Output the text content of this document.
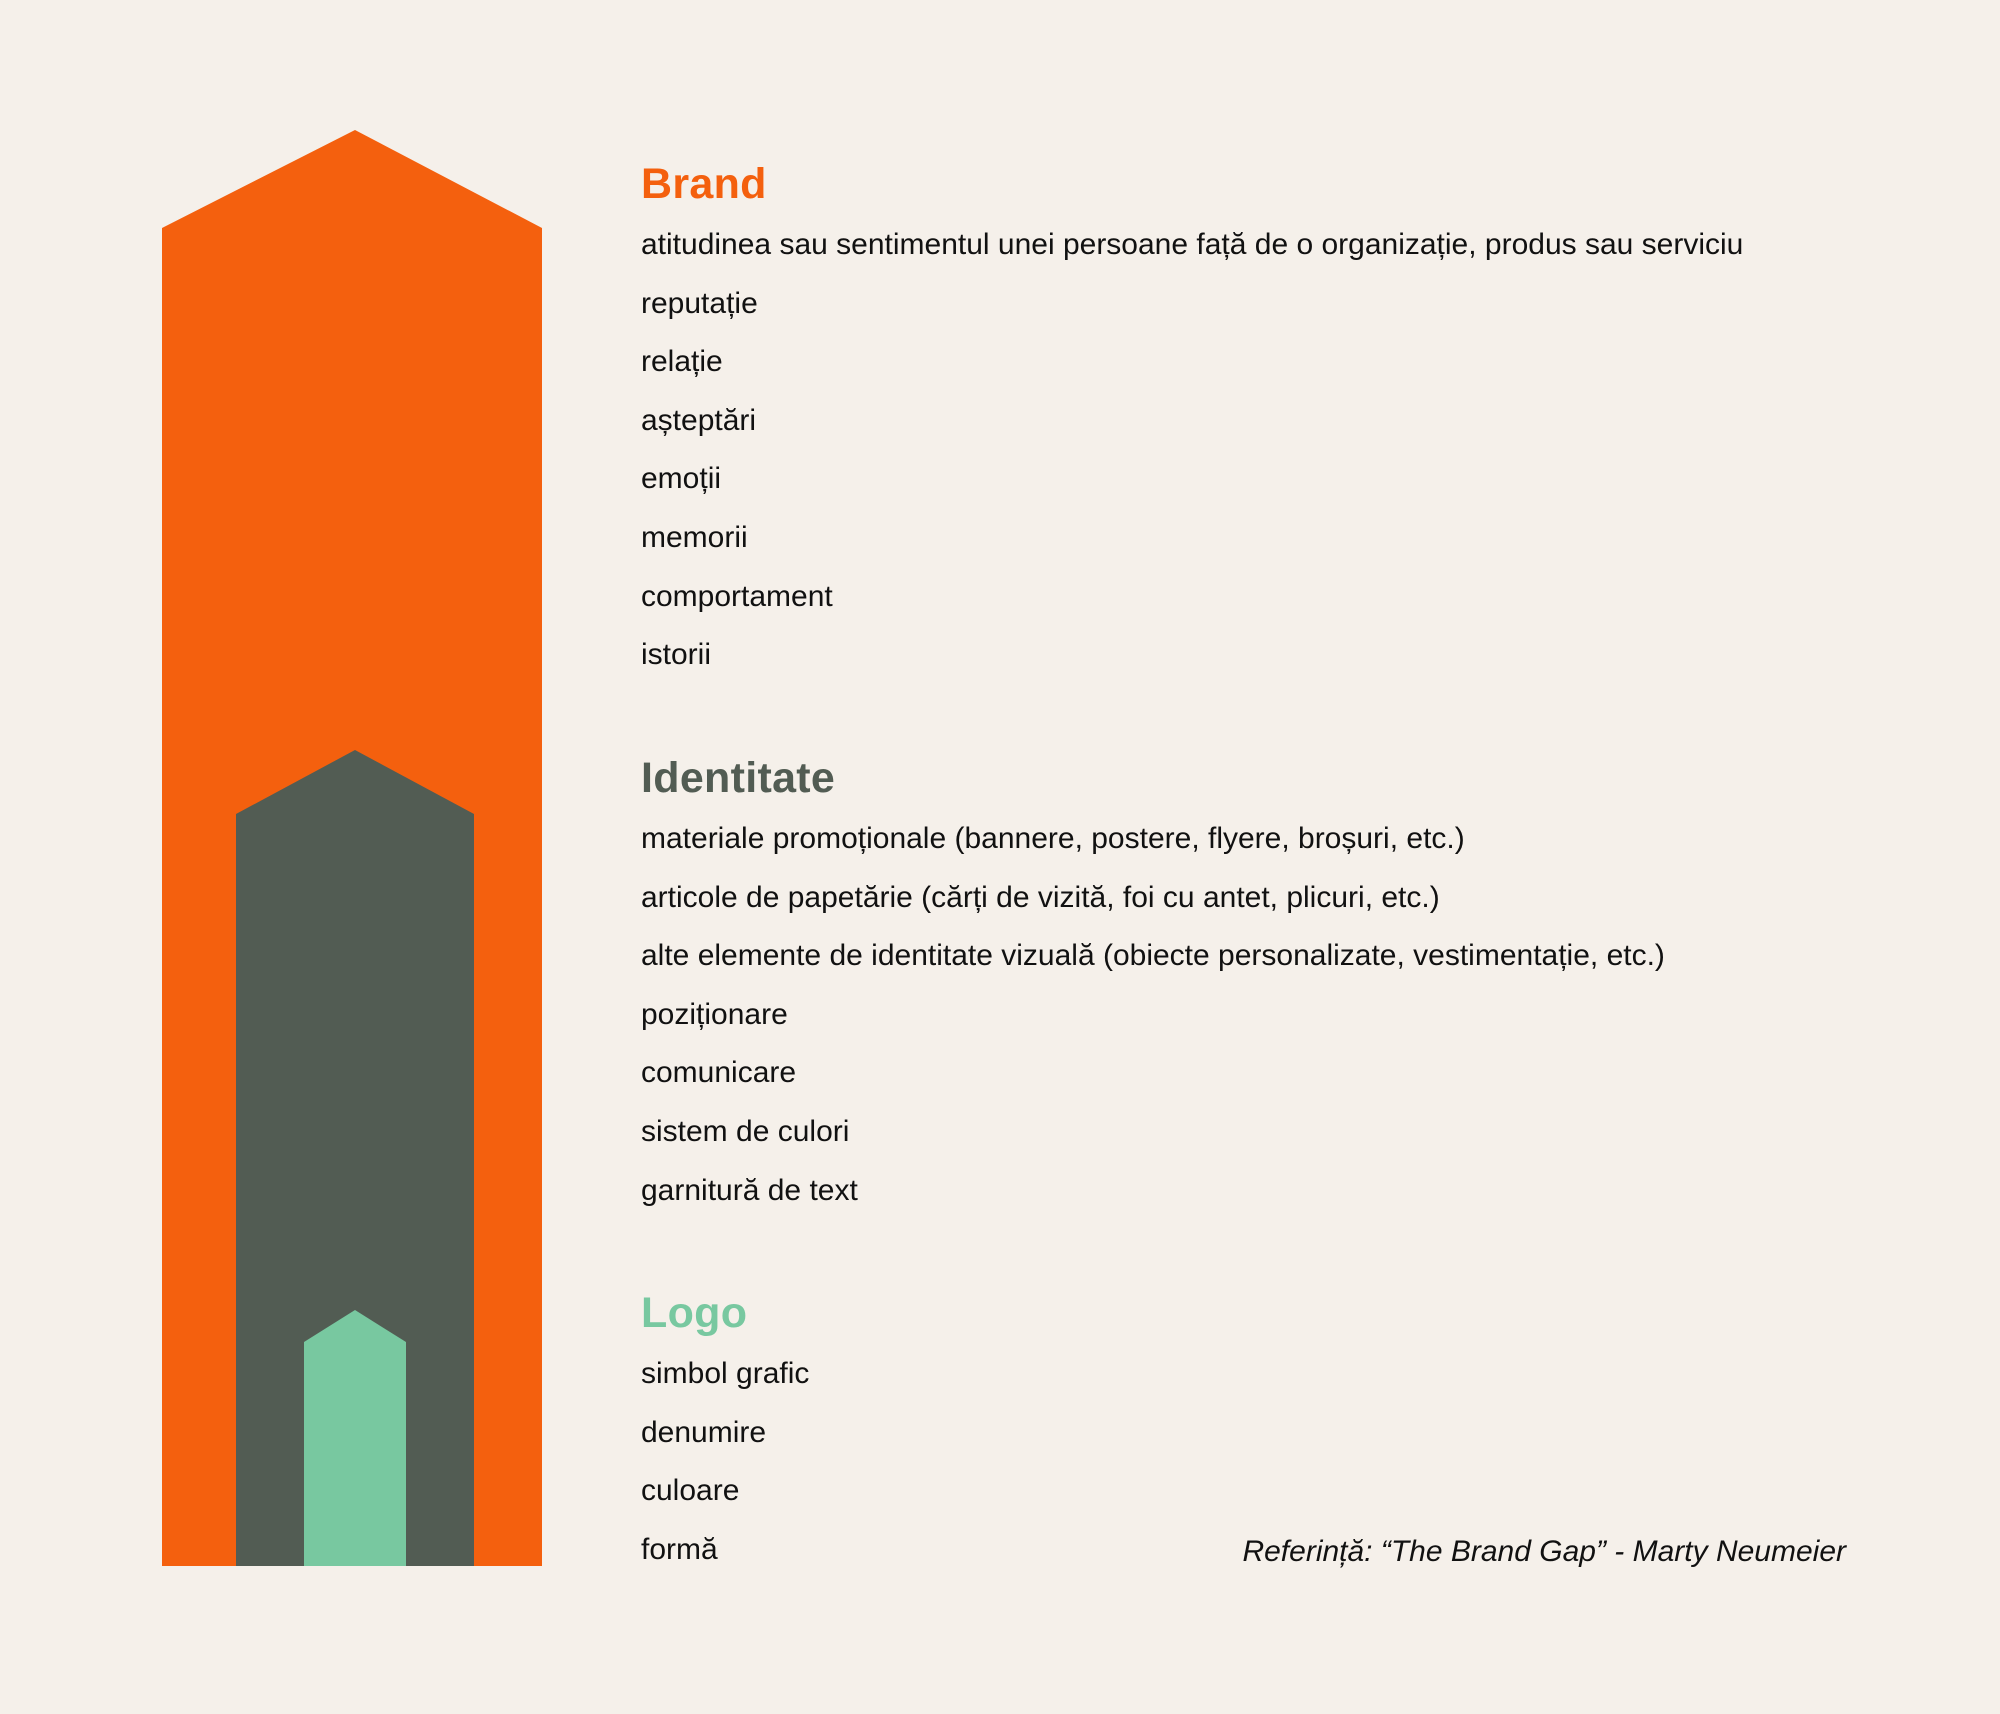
Brand
atitudinea sau sentimentul unei persoane față de o organizație, produs sau serviciu
reputație
relație
așteptări
emoții
memorii
comportament
istorii
Identitate
materiale promoționale (bannere, postere, flyere, broșuri, etc.)
articole de papetărie (cărți de vizită, foi cu antet, plicuri, etc.)
alte elemente de identitate vizuală (obiecte personalizate, vestimentație, etc.)
poziționare
comunicare
sistem de culori
garnitură de text
Logo
simbol grafic
denumire
culoare
formă	Referință: “The Brand Gap” - Marty Neumeier
